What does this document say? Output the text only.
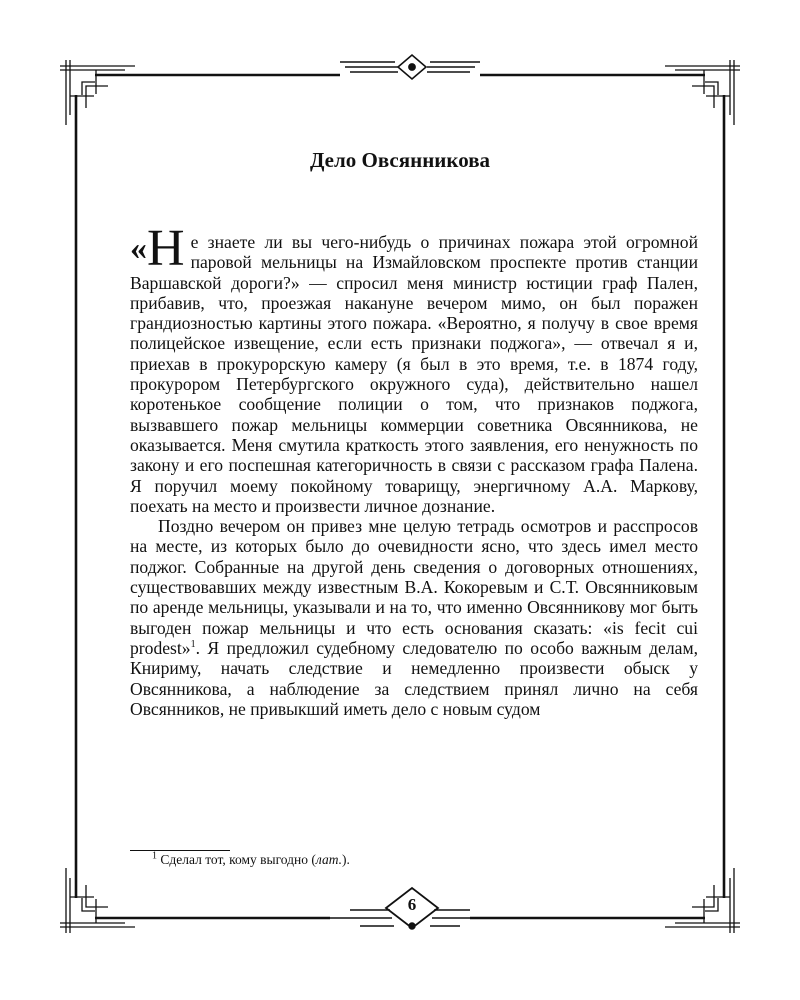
Дело Овсянникова

«Н е знаете ли вы чего-нибудь о причинах пожара этой огромной паровой мельницы на Измайловском проспекте против станции Варшавской дороги?» — спросил меня министр юстиции граф Пален, прибавив, что, проезжая накануне вечером мимо, он был поражен грандиозностью картины этого пожара. «Вероятно, я получу в свое время полицейское извещение, если есть признаки поджога», — отвечал я и, приехав в прокурорскую камеру (я был в это время, т.е. в 1874 году, прокурором Петербургского окружного суда), действительно нашел коротенькое сообщение полиции о том, что признаков поджога, вызвавшего пожар мельницы коммерции советника Овсянникова, не оказывается. Меня смутила краткость этого заявления, его ненужность по закону и его поспешная категоричность в связи с рассказом графа Палена. Я поручил моему покойному товарищу, энергичному А.А. Маркову, поехать на место и произвести личное дознание.

Поздно вечером он привез мне целую тетрадь осмотров и расспросов на месте, из которых было до очевидности ясно, что здесь имел место поджог. Собранные на другой день сведения о договорных отношениях, существовавших между известным В.А. Кокоревым и С.Т. Овсянниковым по аренде мельницы, указывали и на то, что именно Овсянникову мог быть выгоден пожар мельницы и что есть основания сказать: «is fecit cui prodest»$^1$. Я предложил судебному следователю по особо важным делам, Книриму, начать следствие и немедленно произвести обыск у Овсянникова, а наблюдение за следствием принял лично на себя Овсянников, не привыкший иметь дело с новым судом

$^1$ Сделал тот, кому выгодно (лат.).
6
